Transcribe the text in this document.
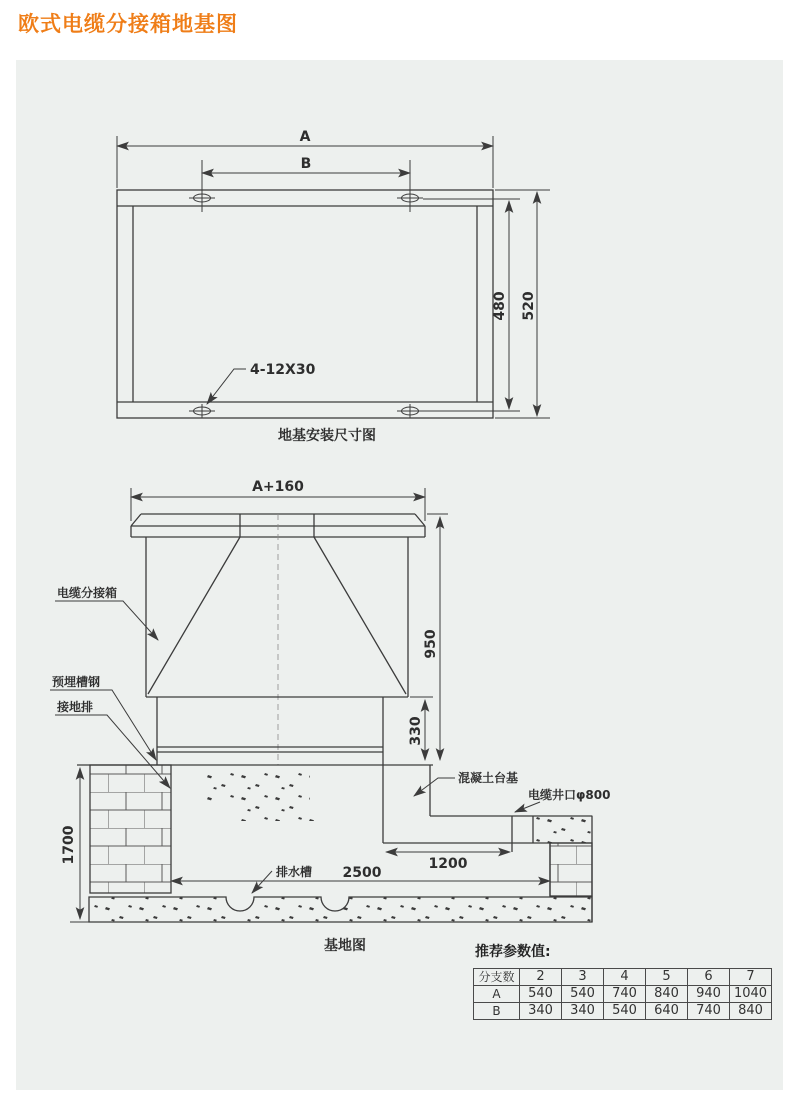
欧式电缆分接箱地基图
A
B
480 520
4-12X30
地基安装尺寸图
A+160
950
330
1700	1200
2500
电缆分接箱
预埋槽钢
接地排
混凝土台基
电缆井口φ800
排水槽
基地图	推荐参数值:
分支数	2	3	4	5	6	7
A	540	540	740	840	940	1040
B	340	340	540	640	740	840
